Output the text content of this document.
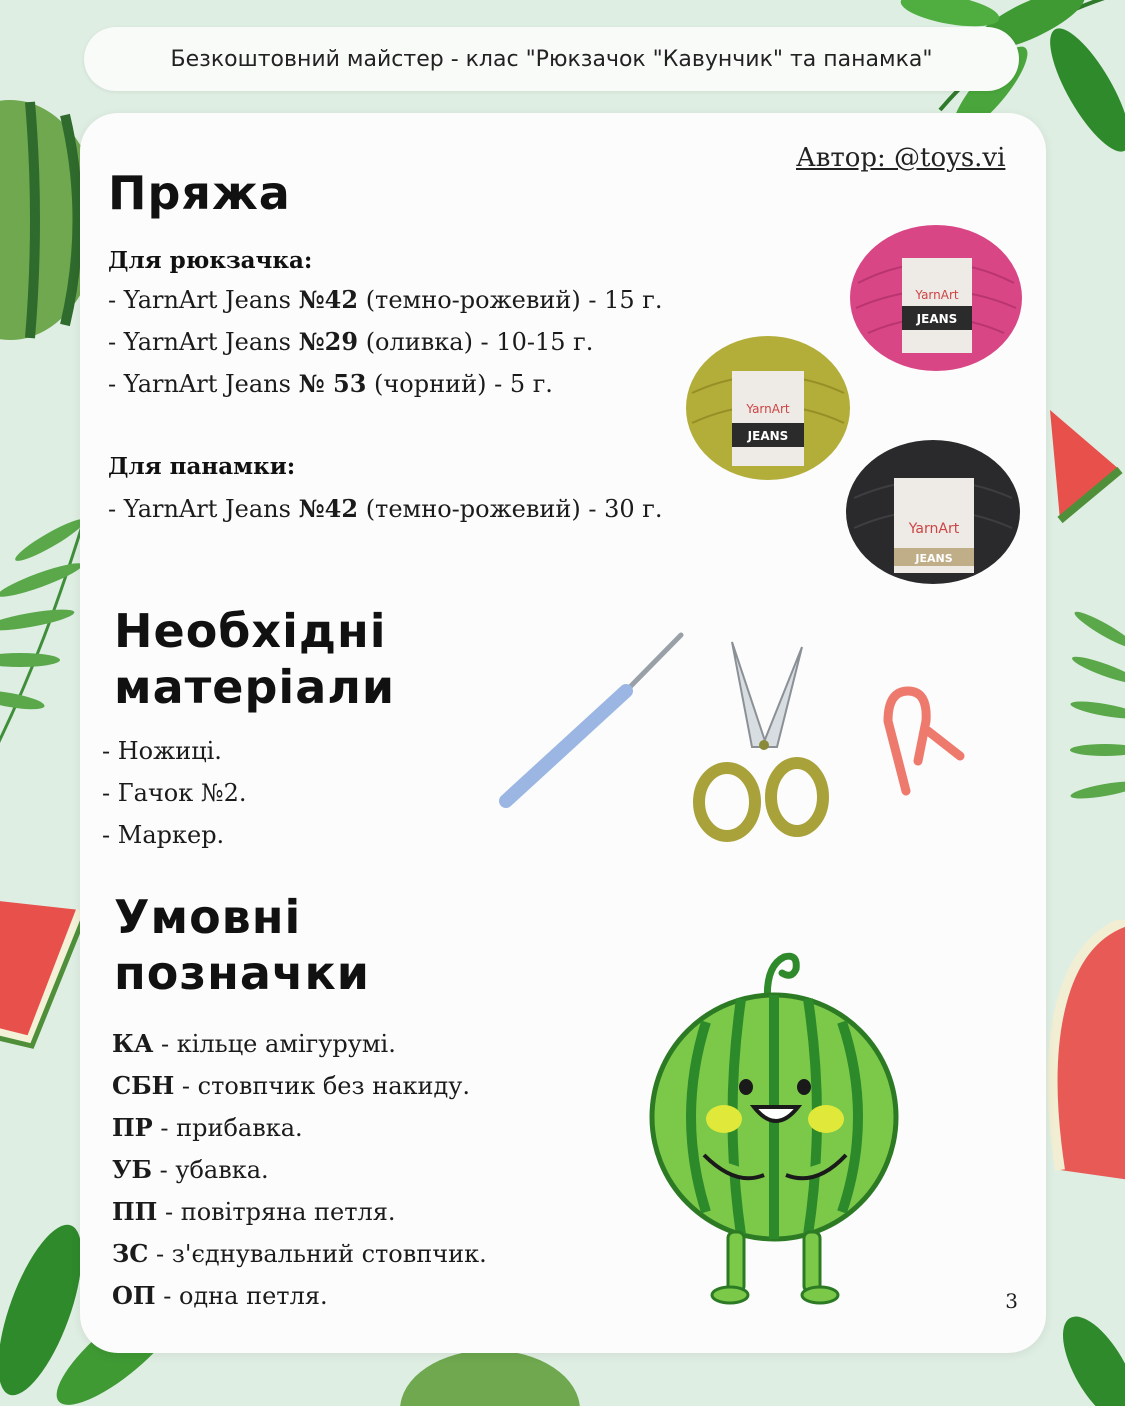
Безкоштовний майстер - клас "Рюкзачок "Кавунчик" та панамка"
Автор: @toys.vi
Пряжа
Для рюкзачка:
- YarnArt Jeans №42 (темно-рожевий) - 15 г.
- YarnArt Jeans №29 (оливка) - 10-15 г.
- YarnArt Jeans № 53 (чорний) - 5 г.
Для панамки:
- YarnArt Jeans №42 (темно-рожевий) - 30 г.
YarnArt
JEANS
YarnArt
JEANS
YarnArt
JEANS
Необхідні
матеріали
- Ножиці.
- Гачок №2.
- Маркер.
Умовні
позначки
КА - кільце амігурумі.
СБН - стовпчик без накиду.
ПР - прибавка.
УБ - убавка.
ПП - повітряна петля.
ЗС - з'єднувальний стовпчик.
ОП - одна петля.	3
